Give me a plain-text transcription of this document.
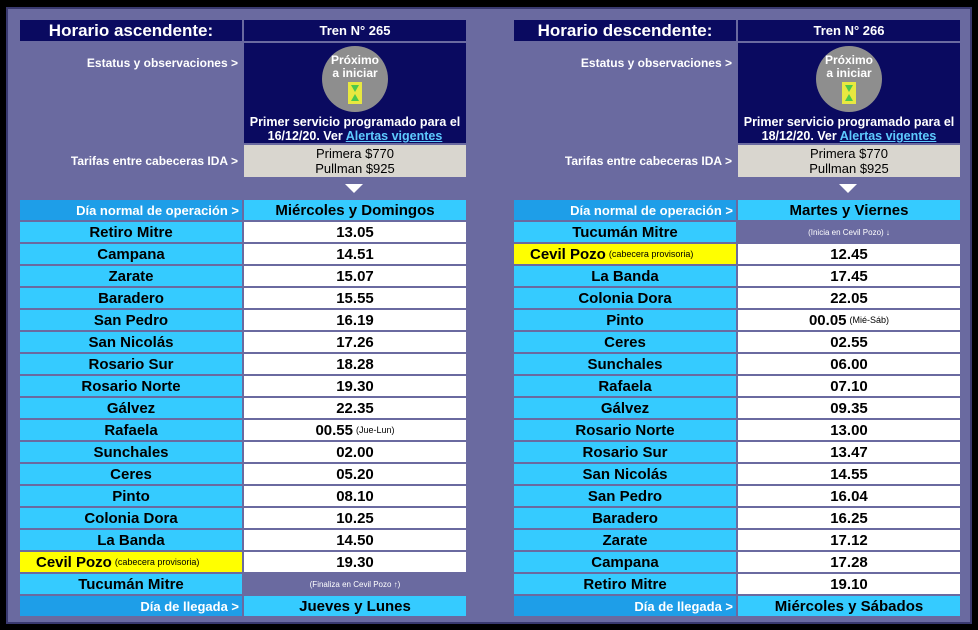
Horario ascendente:	Tren N° 265
Estatus y observaciones >	Próximo
a iniciar
Primer servicio programado para el
16/12/20. Ver Alertas vigentes
Tarifas entre cabeceras IDA >	Primera $770
Pullman $925
Día normal de operación >	Miércoles y Domingos
Retiro Mitre	13.05
Campana	14.51
Zarate	15.07
Baradero	15.55
San Pedro	16.19
San Nicolás	17.26
Rosario Sur	18.28
Rosario Norte	19.30
Gálvez	22.35
Rafaela	00.55 (Jue-Lun)
Sunchales	02.00
Ceres	05.20
Pinto	08.10
Colonia Dora	10.25
La Banda	14.50
Cevil Pozo (cabecera provisoria)	19.30
Tucumán Mitre	(Finaliza en Cevil Pozo ↑)
Día de llegada >	Jueves y Lunes
Horario descendente:	Tren N° 266
Estatus y observaciones >	Próximo
a iniciar
Primer servicio programado para el
18/12/20. Ver Alertas vigentes
Tarifas entre cabeceras IDA >	Primera $770
Pullman $925
Día normal de operación >	Martes y Viernes
Tucumán Mitre	(Inicia en Cevil Pozo) ↓
Cevil Pozo (cabecera provisoria)	12.45
La Banda	17.45
Colonia Dora	22.05
Pinto	00.05 (Mié-Sáb)
Ceres	02.55
Sunchales	06.00
Rafaela	07.10
Gálvez	09.35
Rosario Norte	13.00
Rosario Sur	13.47
San Nicolás	14.55
San Pedro	16.04
Baradero	16.25
Zarate	17.12
Campana	17.28
Retiro Mitre	19.10
Día de llegada >	Miércoles y Sábados
